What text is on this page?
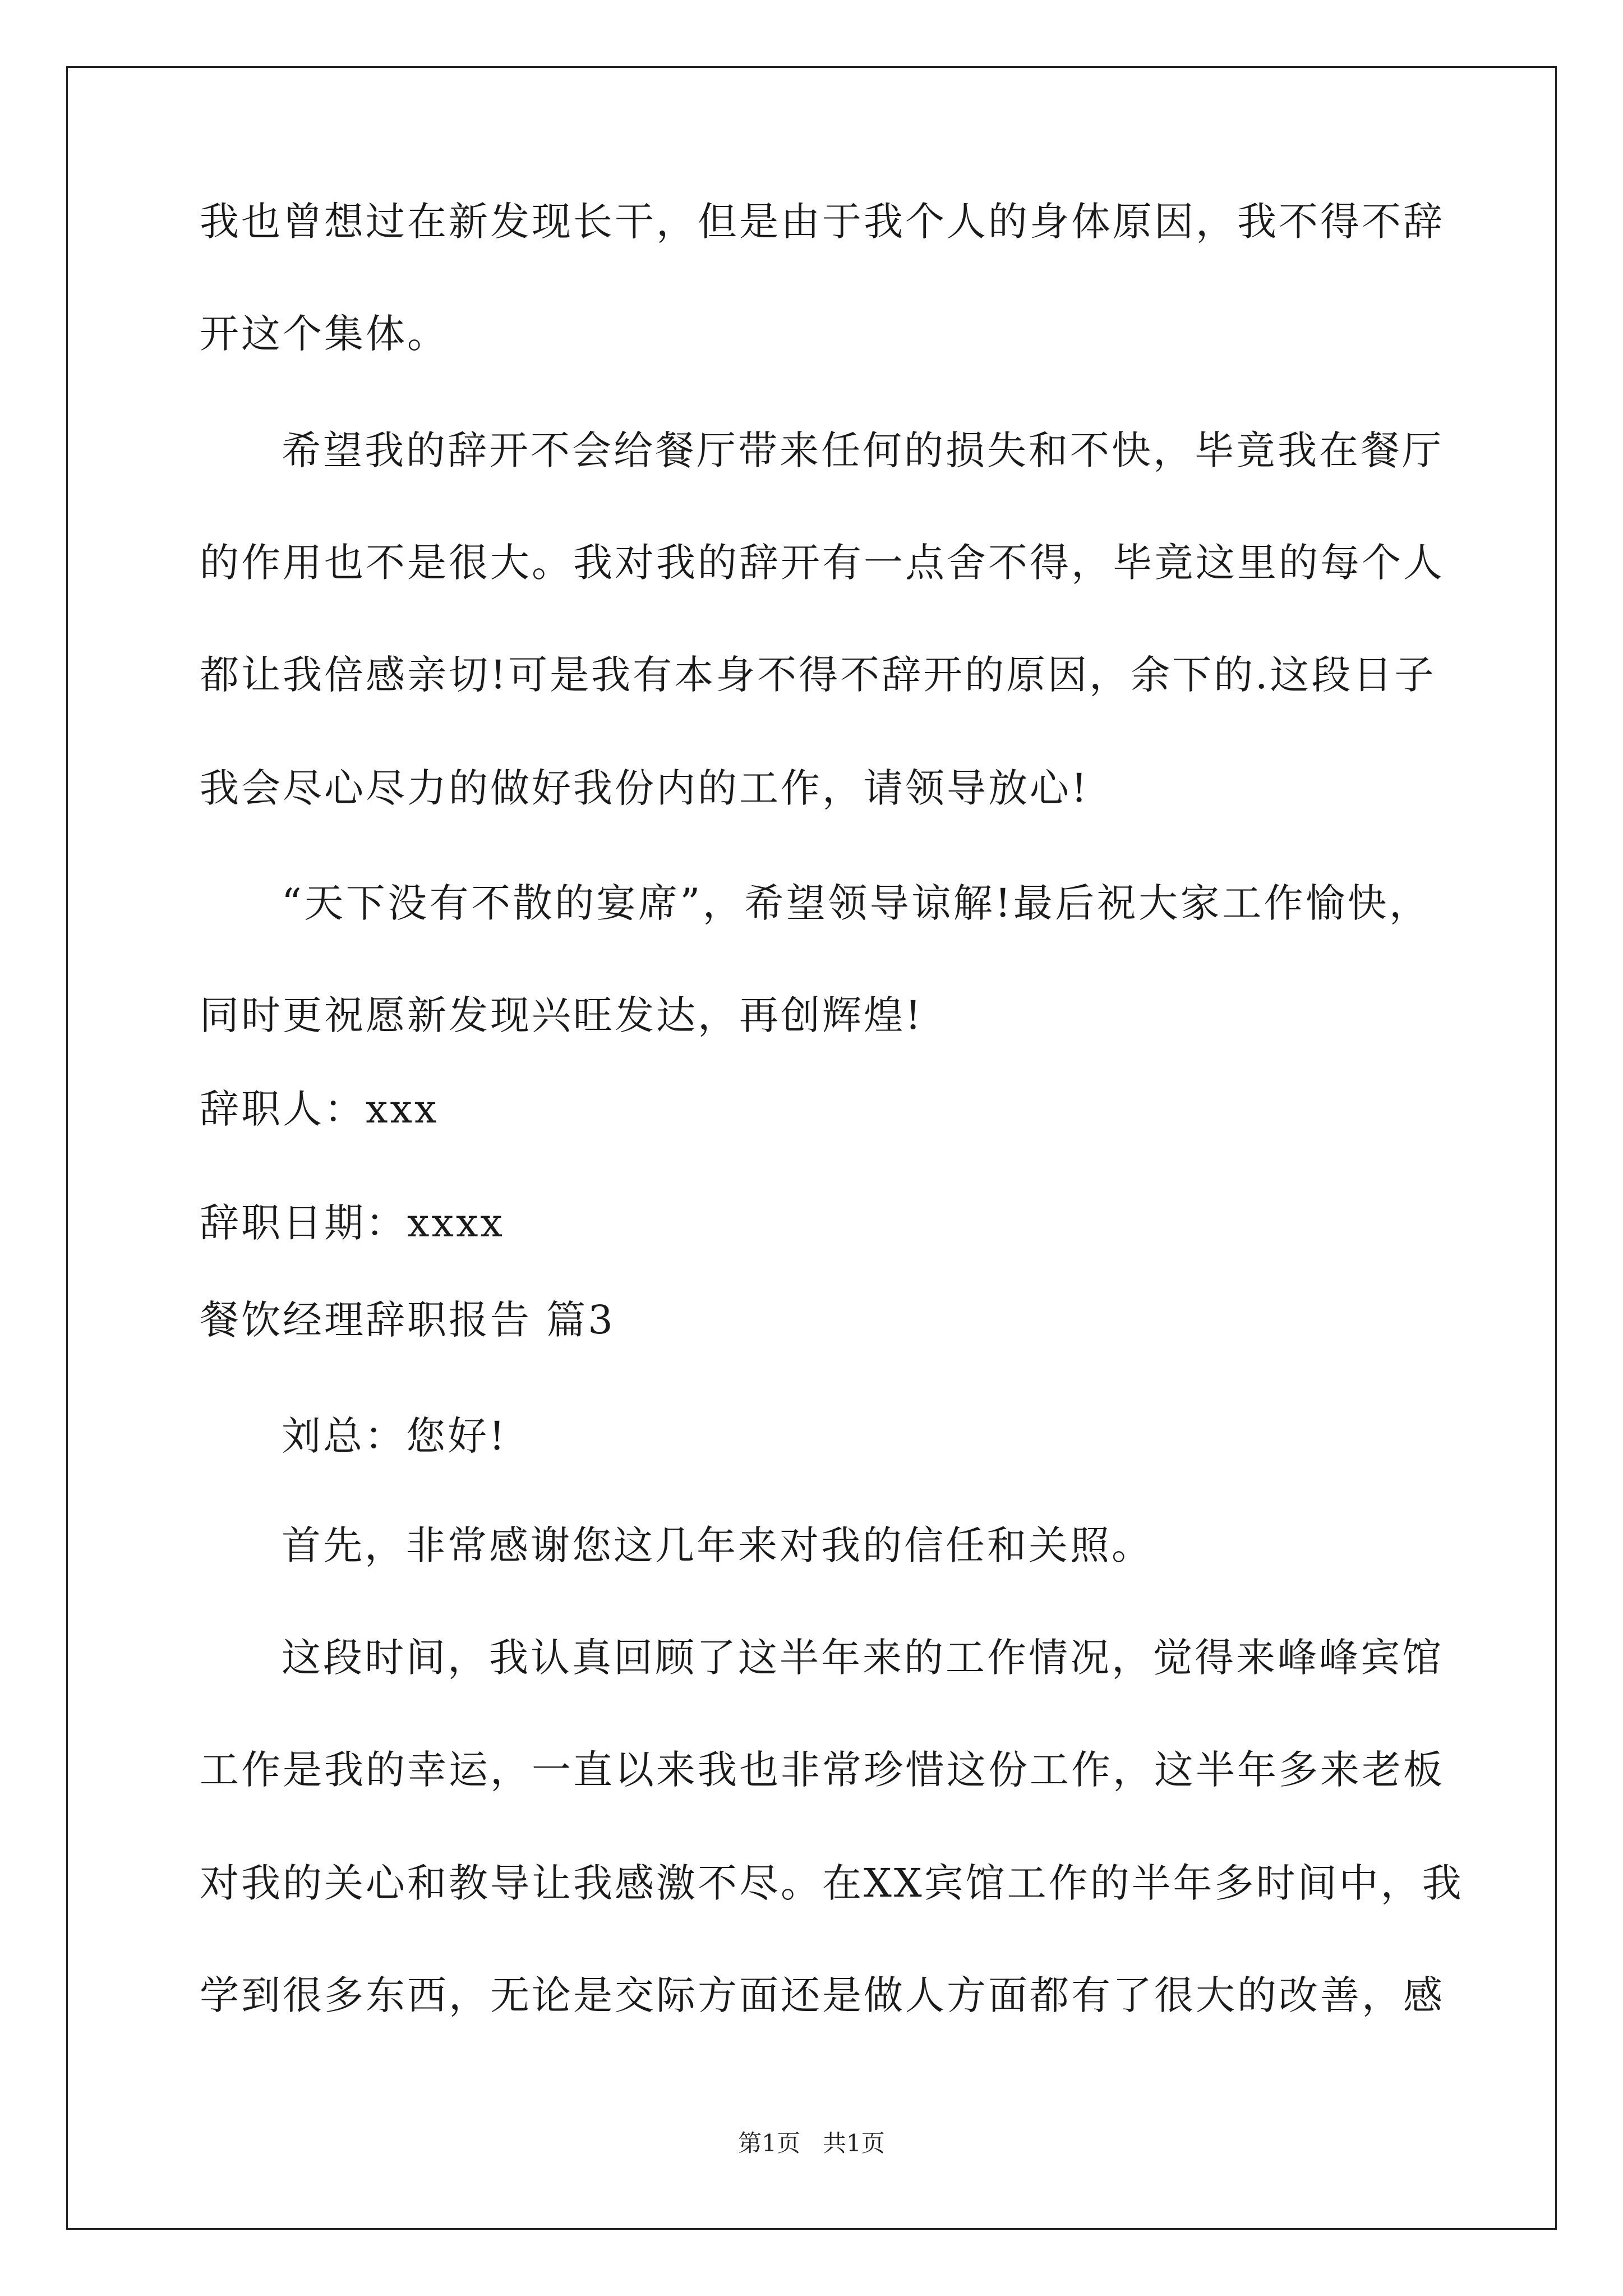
我也曾想过在新发现长干，但是由于我个人的身体原因，我不得不辞
开这个集体。
希望我的辞开不会给餐厅带来任何的损失和不快，毕竟我在餐厅
的作用也不是很大。我对我的辞开有一点舍不得，毕竟这里的每个人
都让我倍感亲切!可是我有本身不得不辞开的原因，余下的.这段日子
我会尽心尽力的做好我份内的工作，请领导放心!
“天下没有不散的宴席”，希望领导谅解!最后祝大家工作愉快，
同时更祝愿新发现兴旺发达，再创辉煌!
辞职人：xxx
辞职日期：xxxx
餐饮经理辞职报告 篇3
刘总：您好!
首先，非常感谢您这几年来对我的信任和关照。
这段时间，我认真回顾了这半年来的工作情况，觉得来峰峰宾馆
工作是我的幸运，一直以来我也非常珍惜这份工作，这半年多来老板
对我的关心和教导让我感激不尽。在XX宾馆工作的半年多时间中，我
学到很多东西，无论是交际方面还是做人方面都有了很大的改善，感
第1页   共1页
